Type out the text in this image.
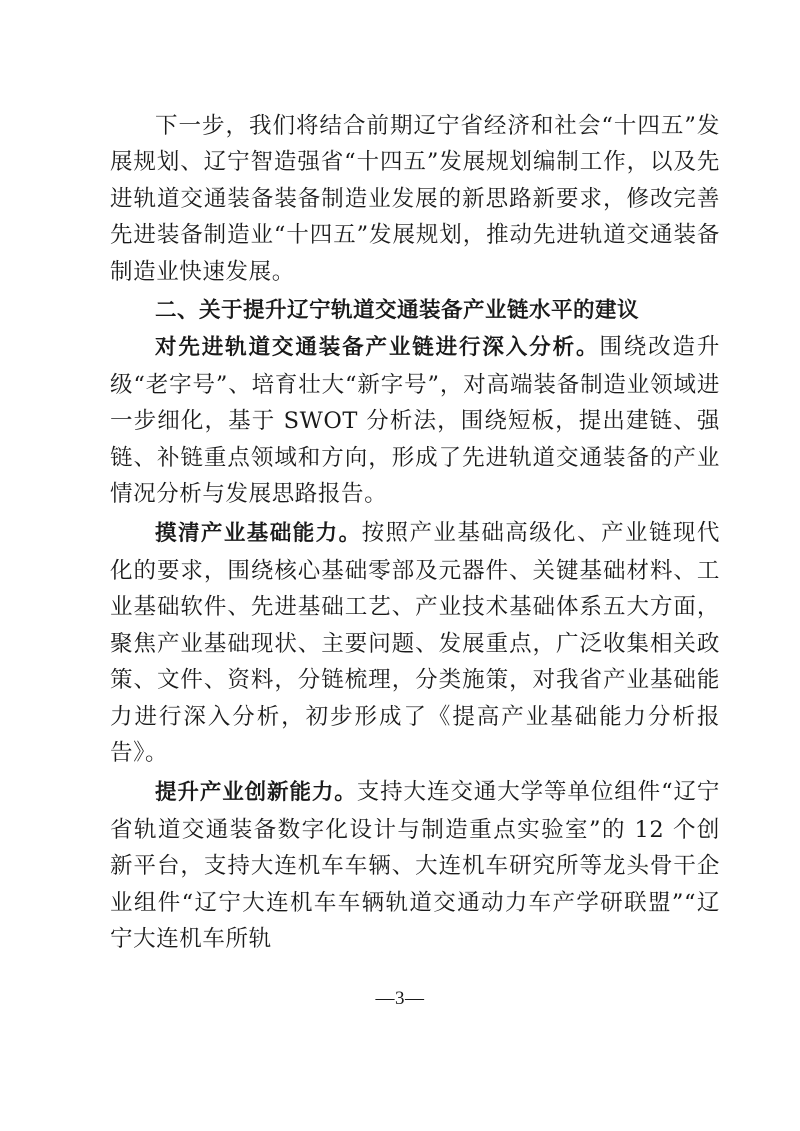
下一步，我们将结合前期辽宁省经济和社会“十四五”发展规划、辽宁智造强省“十四五”发展规划编制工作，以及先进轨道交通装备装备制造业发展的新思路新要求，修改完善先进装备制造业“十四五”发展规划，推动先进轨道交通装备制造业快速发展。

二、关于提升辽宁轨道交通装备产业链水平的建议

对先进轨道交通装备产业链进行深入分析。围绕改造升级“老字号”、培育壮大“新字号”，对高端装备制造业领域进一步细化，基于 SWOT 分析法，围绕短板，提出建链、强链、补链重点领域和方向，形成了先进轨道交通装备的产业情况分析与发展思路报告。

摸清产业基础能力。按照产业基础高级化、产业链现代化的要求，围绕核心基础零部及元器件、关键基础材料、工业基础软件、先进基础工艺、产业技术基础体系五大方面，聚焦产业基础现状、主要问题、发展重点，广泛收集相关政策、文件、资料，分链梳理，分类施策，对我省产业基础能力进行深入分析，初步形成了《提高产业基础能力分析报告》。

提升产业创新能力。支持大连交通大学等单位组件“辽宁省轨道交通装备数字化设计与制造重点实验室”的 12 个创新平台，支持大连机车车辆、大连机车研究所等龙头骨干企业组件“辽宁大连机车车辆轨道交通动力车产学研联盟”“辽宁大连机车所轨

—3—
